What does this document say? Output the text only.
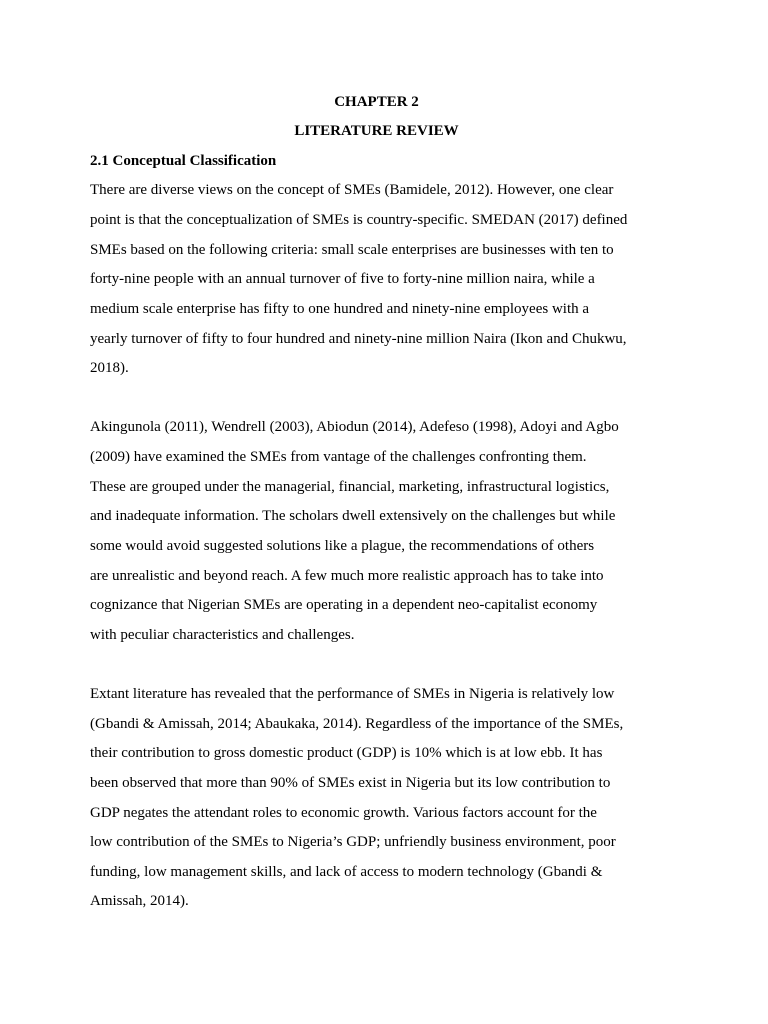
CHAPTER 2
LITERATURE REVIEW
2.1 Conceptual Classification
There are diverse views on the concept of SMEs (Bamidele, 2012). However, one clear
point is that the conceptualization of SMEs is country-specific. SMEDAN (2017) defined
SMEs based on the following criteria: small scale enterprises are businesses with ten to
forty-nine people with an annual turnover of five to forty-nine million naira, while a
medium scale enterprise has fifty to one hundred and ninety-nine employees with a
yearly turnover of fifty to four hundred and ninety-nine million Naira (Ikon and Chukwu,
2018).
Akingunola (2011), Wendrell (2003), Abiodun (2014), Adefeso (1998), Adoyi and Agbo
(2009) have examined the SMEs from vantage of the challenges confronting them.
These are grouped under the managerial, financial, marketing, infrastructural logistics,
and inadequate information. The scholars dwell extensively on the challenges but while
some would avoid suggested solutions like a plague, the recommendations of others
are unrealistic and beyond reach. A few much more realistic approach has to take into
cognizance that Nigerian SMEs are operating in a dependent neo-capitalist economy
with peculiar characteristics and challenges.
Extant literature has revealed that the performance of SMEs in Nigeria is relatively low
(Gbandi & Amissah, 2014; Abaukaka, 2014). Regardless of the importance of the SMEs,
their contribution to gross domestic product (GDP) is 10% which is at low ebb. It has
been observed that more than 90% of SMEs exist in Nigeria but its low contribution to
GDP negates the attendant roles to economic growth. Various factors account for the
low contribution of the SMEs to Nigeria’s GDP; unfriendly business environment, poor
funding, low management skills, and lack of access to modern technology (Gbandi &
Amissah, 2014).
